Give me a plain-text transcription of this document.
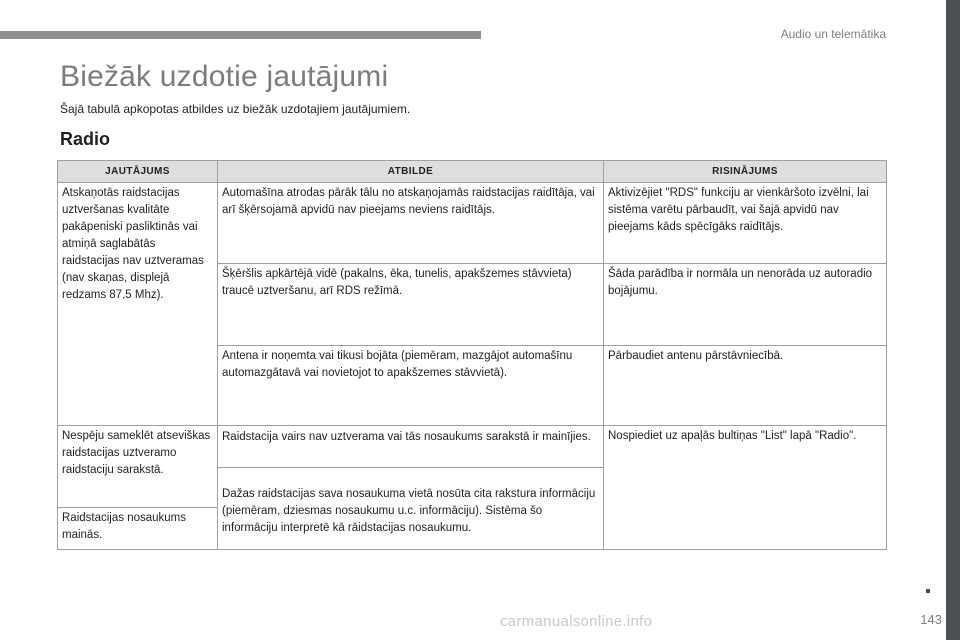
Audio un telemātika
Biežāk uzdotie jautājumi

Šajā tabulā apkopotas atbildes uz biežāk uzdotajiem jautājumiem.

Radio
JAUTĀJUMS	ATBILDE	RISINĀJUMS
Atskaņotās raidstacijas uztveršanas kvalitāte pakāpeniski pasliktinās vai atmiņā saglabātās raidstacijas nav uztveramas (nav skaņas, displejā redzams 87,5 Mhz).	Automašīna atrodas pārāk tālu no atskaņojamās raidstacijas raidītāja, vai arī šķērsojamā apvidū nav pieejams neviens raidītājs.	Aktivizējiet "RDS" funkciju ar vienkāršoto izvēlni, lai sistēma varētu pārbaudīt, vai šajā apvidū nav pieejams kāds spēcīgāks raidītājs.
	Šķēršlis apkārtējā vidē (pakalns, ēka, tunelis, apakšzemes stāvvieta) traucē uztveršanu, arī RDS režīmā.	Šāda parādība ir normāla un nenorāda uz autoradio bojājumu.
	Antena ir noņemta vai tikusi bojāta (piemēram, mazgājot automašīnu automazgātavā vai novietojot to apakšzemes stāvvietā).	Pārbaudiet antenu pārstāvniecībā.
Nespēju sameklēt atseviškas raidstacijas uztveramo raidstaciju sarakstā.	Raidstacija vairs nav uztverama vai tās nosaukums sarakstā ir mainījies.	Nospiediet uz apaļās bultiņas "List" lapā "Radio".
	Dažas raidstacijas sava nosaukuma vietā nosūta cita rakstura informāciju (piemēram, dziesmas nosaukumu u.c. informāciju). Sistēma šo informāciju interpretē kā rāidstacijas nosaukumu.	
Raidstacijas nosaukums mainās.		
143
carmanualsonline.info
